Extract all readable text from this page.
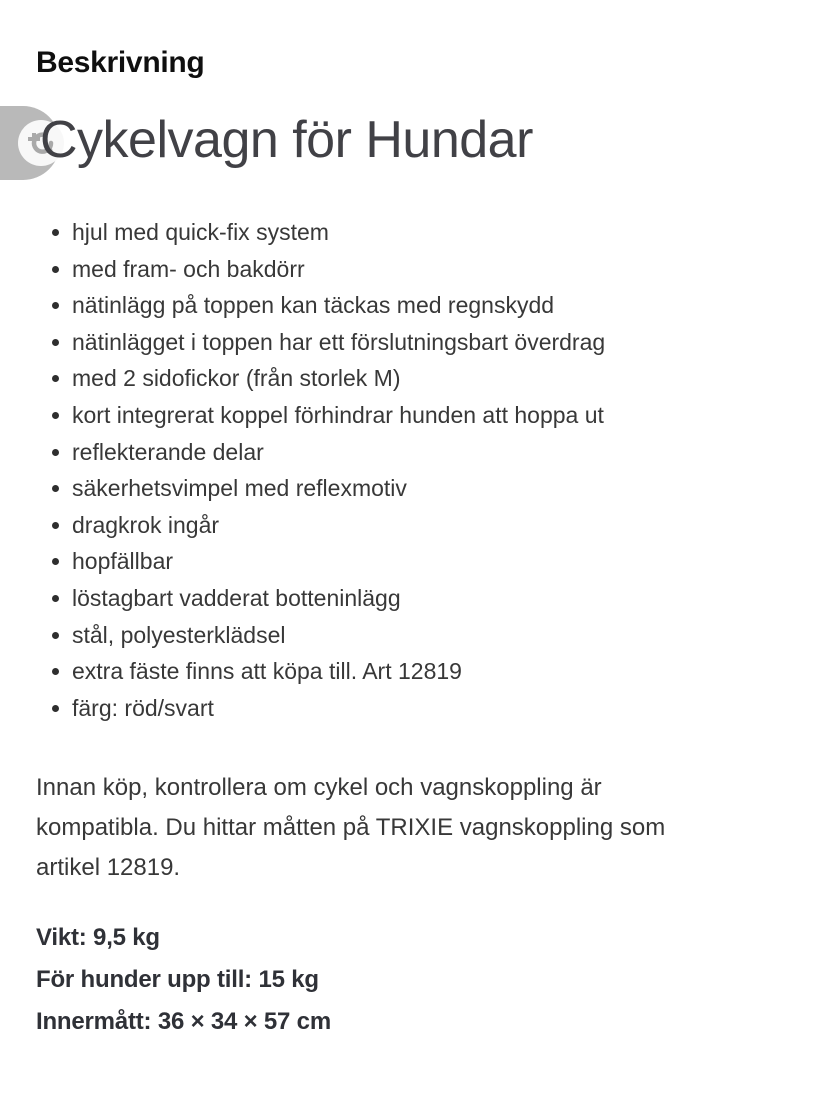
Beskrivning
Cykelvagn för Hundar
hjul med quick-fix system
med fram- och bakdörr
nätinlägg på toppen kan täckas med regnskydd
nätinlägget i toppen har ett förslutningsbart överdrag
med 2 sidofickor (från storlek M)
kort integrerat koppel förhindrar hunden att hoppa ut
reflekterande delar
säkerhetsvimpel med reflexmotiv
dragkrok ingår
hopfällbar
löstagbart vadderat botteninlägg
stål, polyesterklädsel
extra fäste finns att köpa till. Art 12819
färg: röd/svart
Innan köp, kontrollera om cykel och vagnskoppling är
kompatibla. Du hittar måtten på TRIXIE vagnskoppling som
artikel 12819.
Vikt: 9,5 kg
För hunder upp till: 15 kg
Innermått: 36 × 34 × 57 cm
